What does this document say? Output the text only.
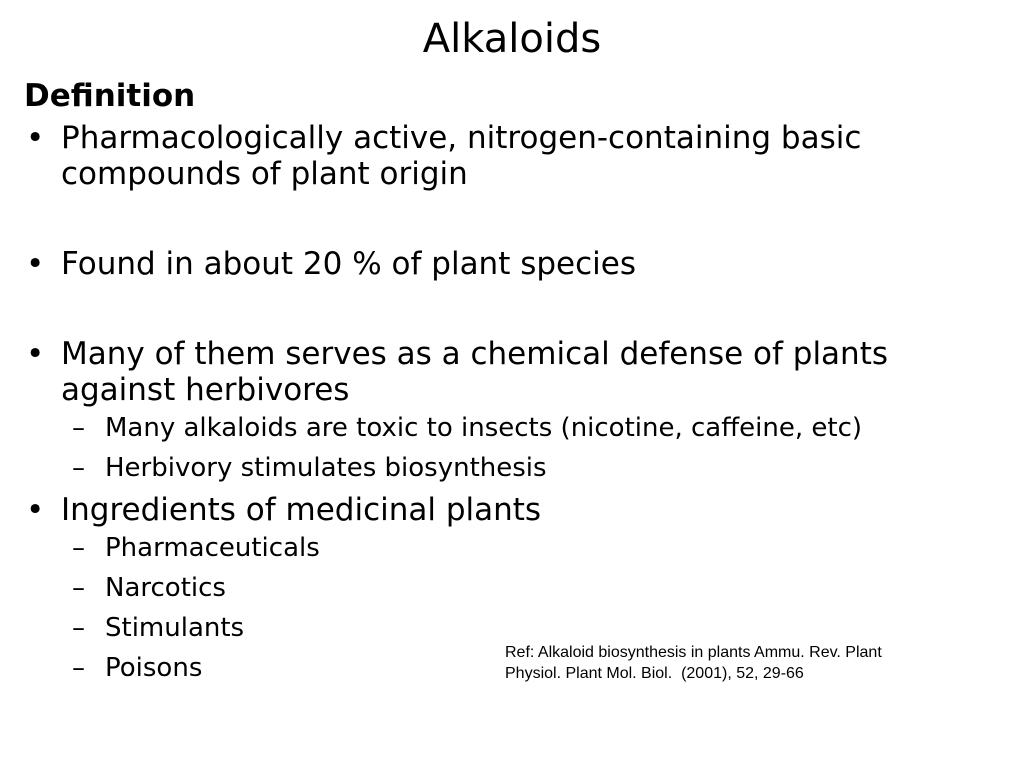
Alkaloids
Definition
• Pharmacologically active, nitrogen-containing basic compounds of plant origin
• Found in about 20 % of plant species
• Many of them serves as a chemical defense of plants against herbivores
– Many alkaloids are toxic to insects (nicotine, caffeine, etc)
– Herbivory stimulates biosynthesis
• Ingredients of medicinal plants
– Pharmaceuticals
– Narcotics
– Stimulants
– Poisons
Ref: Alkaloid biosynthesis in plants Ammu. Rev. Plant
Physiol. Plant Mol. Biol.  (2001), 52, 29-66
